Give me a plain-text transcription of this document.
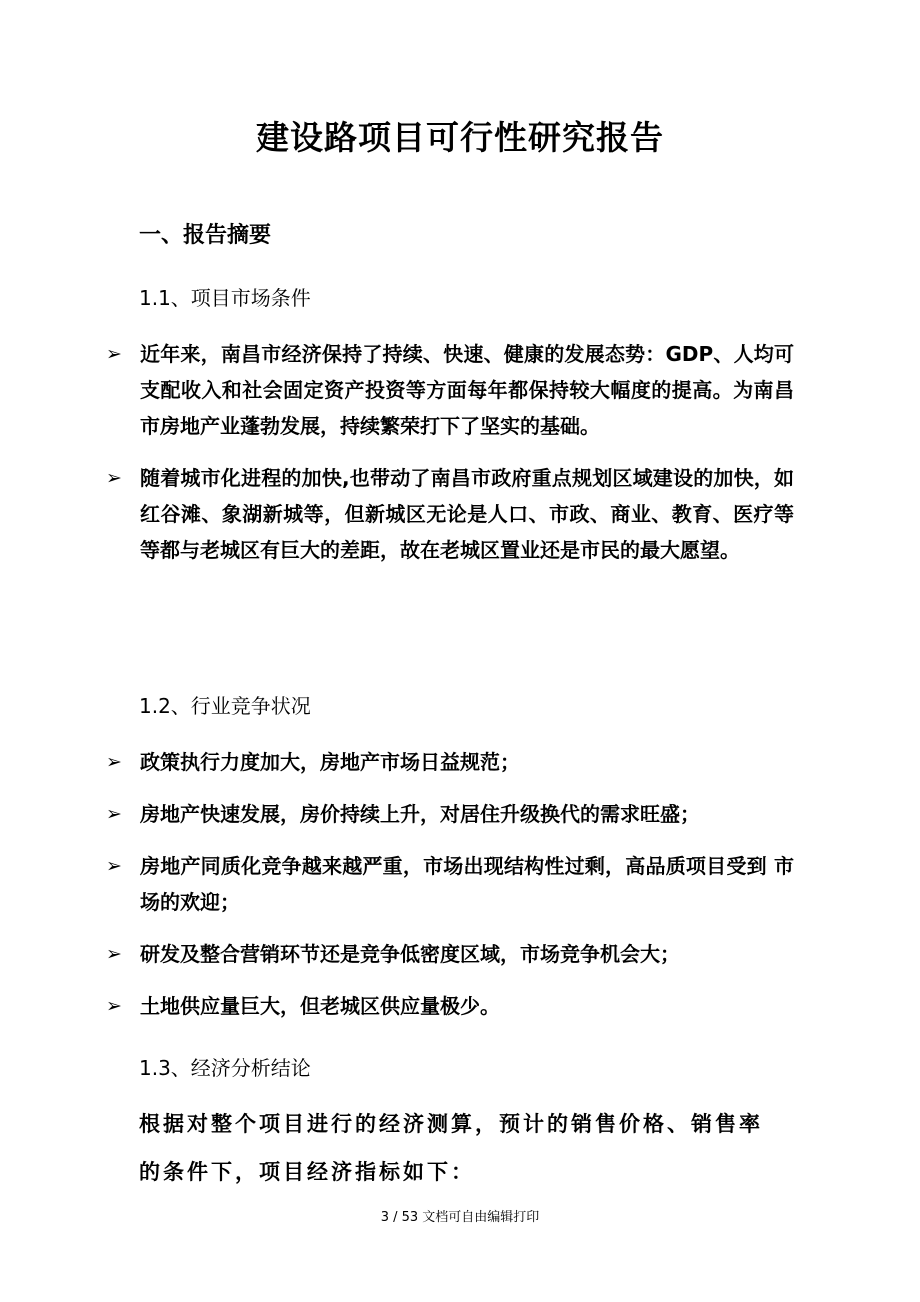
建设路项目可行性研究报告
一、报告摘要
1.1、项目市场条件
➢ 近年来，南昌市经济保持了持续、快速、健康的发展态势：GDP、人均可支配收入和社会固定资产投资等方面每年都保持较大幅度的提高。为南昌市房地产业蓬勃发展，持续繁荣打下了坚实的基础。
➢ 随着城市化进程的加快,也带动了南昌市政府重点规划区域建设的加快，如红谷滩、象湖新城等，但新城区无论是人口、市政、商业、教育、医疗等等都与老城区有巨大的差距，故在老城区置业还是市民的最大愿望。
1.2、行业竞争状况
➢ 政策执行力度加大，房地产市场日益规范；
➢ 房地产快速发展，房价持续上升，对居住升级换代的需求旺盛；
➢ 房地产同质化竞争越来越严重，市场出现结构性过剩，高品质项目受到 市场的欢迎；
➢ 研发及整合营销环节还是竞争低密度区域，市场竞争机会大；
➢ 土地供应量巨大，但老城区供应量极少。
1.3、经济分析结论
根据对整个项目进行的经济测算，预计的销售价格、销售率
的条件下，项目经济指标如下：
3 / 53 文档可自由编辑打印
